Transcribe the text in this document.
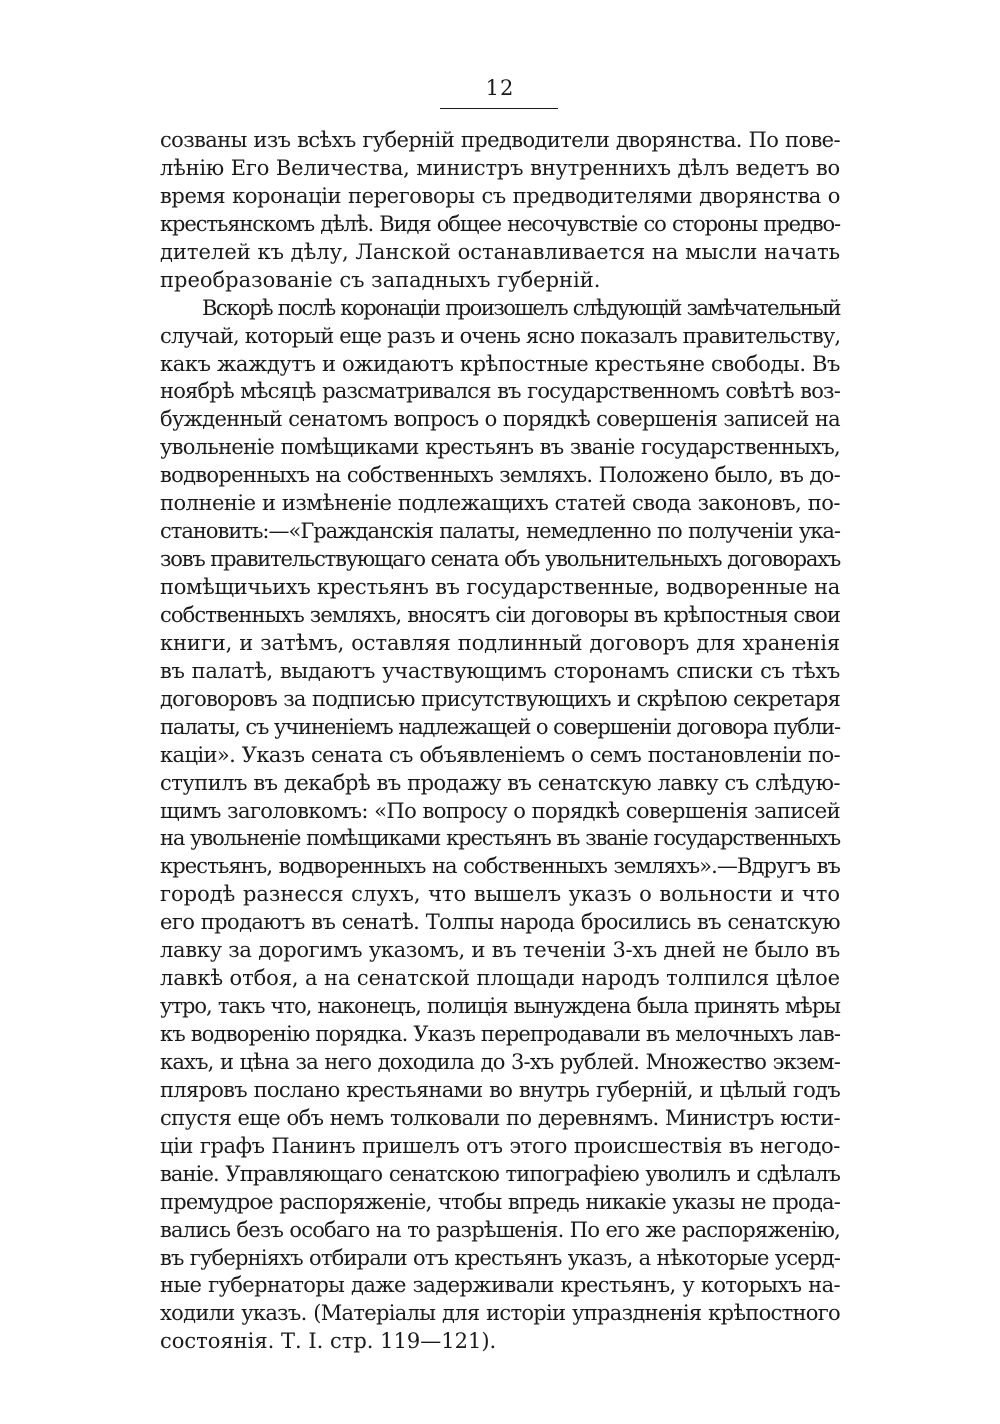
12
созваны изъ всѣхъ губерній предводители дворянства. По пове-
лѣнію Его Величества, министръ внутреннихъ дѣлъ ведетъ во
время коронаціи переговоры съ предводителями дворянства о
крестьянскомъ дѣлѣ. Видя общее несочувствіе со стороны предво-
дителей къ дѣлу, Ланской останавливается на мысли начать
преобразованіе съ западныхъ губерній.
Вскорѣ послѣ коронаціи произошелъ слѣдующій замѣчательный
случай, который еще разъ и очень ясно показалъ правительству,
какъ жаждутъ и ожидаютъ крѣпостные крестьяне свободы. Въ
ноябрѣ мѣсяцѣ разсматривался въ государственномъ совѣтѣ воз-
бужденный сенатомъ вопросъ о порядкѣ совершенія записей на
увольненіе помѣщиками крестьянъ въ званіе государственныхъ,
водворенныхъ на собственныхъ земляхъ. Положено было, въ до-
полненіе и измѣненіе подлежащихъ статей свода законовъ, по-
становить:—«Гражданскія палаты, немедленно по полученіи ука-
зовъ правительствующаго сената объ увольнительныхъ договорахъ
помѣщичьихъ крестьянъ въ государственные, водворенные на
собственныхъ земляхъ, вносятъ сіи договоры въ крѣпостныя свои
книги, и затѣмъ, оставляя подлинный договоръ для храненія
въ палатѣ, выдаютъ участвующимъ сторонамъ списки съ тѣхъ
договоровъ за подписью присутствующихъ и скрѣпою секретаря
палаты, съ учиненіемъ надлежащей о совершеніи договора публи-
каціи». Указъ сената съ объявленіемъ о семъ постановленіи по-
ступилъ въ декабрѣ въ продажу въ сенатскую лавку съ слѣдую-
щимъ заголовкомъ: «По вопросу о порядкѣ совершенія записей
на увольненіе помѣщиками крестьянъ въ званіе государственныхъ
крестьянъ, водворенныхъ на собственныхъ земляхъ».—Вдругъ въ
городѣ разнесся слухъ, что вышелъ указъ о вольности и что
его продаютъ въ сенатѣ. Толпы народа бросились въ сенатскую
лавку за дорогимъ указомъ, и въ теченіи 3-хъ дней не было въ
лавкѣ отбоя, а на сенатской площади народъ толпился цѣлое
утро, такъ что, наконецъ, полиція вынуждена была принять мѣры
къ водворенію порядка. Указъ перепродавали въ мелочныхъ лав-
кахъ, и цѣна за него доходила до 3-хъ рублей. Множество экзем-
пляровъ послано крестьянами во внутрь губерній, и цѣлый годъ
спустя еще объ немъ толковали по деревнямъ. Министръ юсти-
ціи графъ Панинъ пришелъ отъ этого происшествія въ негодо-
ваніе. Управляющаго сенатскою типографіею уволилъ и сдѣлалъ
премудрое распоряженіе, чтобы впредь никакіе указы не прода-
вались безъ особаго на то разрѣшенія. По его же распоряженію,
въ губерніяхъ отбирали отъ крестьянъ указъ, а нѣкоторые усерд-
ные губернаторы даже задерживали крестьянъ, у которыхъ на-
ходили указъ. (Матеріалы для исторіи упраздненія крѣпостного
состоянія. Т. I. стр. 119—121).
